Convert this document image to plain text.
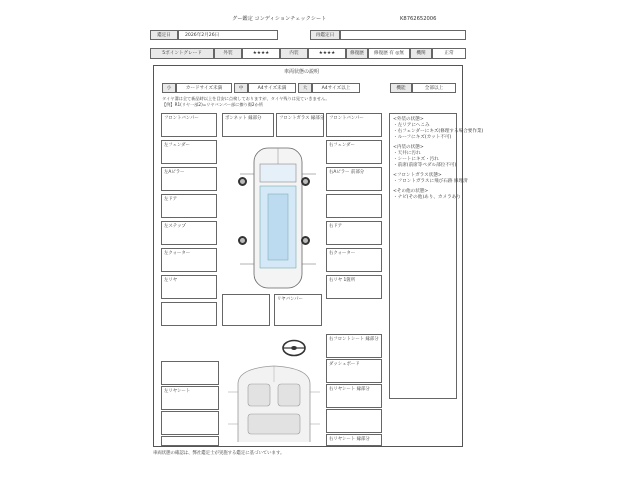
グー鑑定 コンディションチェックシート	K8762652006
鑑定日	2026年2月26日	再鑑定日
5ポイントグレード	外装	★★★★	内装	★★★★	修復歴	修復歴 有 ◎無	機関	正常
車両状態の説明
小	カードサイズ未満	中	A4サイズ未満	大	A4サイズ以上	機能	全部以上
タイヤ溝は全て新品時以上を目安に点検しておりますが、タイヤ残りは見ていきません。
【例】R1(リヤ一部2)=リヤバンパー部に擦り傷2か所
フロントバンパー
左フェンダー
左Aピラー
左ドア
左ステップ
左クォーター
左リヤ
ボンネット 縁部分	フロントガラス 縁部分 フロントバンパー
右フェンダー
右Aピラー 前部分
右ドア
右クォーター
右リヤ 1箇所
リヤバンパー
<外装の状態>
・左リアにへこみ
・右フェンダーにキズ(修理する場合要作業)
・ルーフにキズ(カット不可)
<内装の状態>
・天井に汚れ
・シートにキズ・汚れ
・前席(前席等ペダル部位不可)
<フロントガラス状態>
・フロントガラスに飛び石跡 修理済
<その他の状態>
・ナビ(その他)あり、カメラあり
左リヤシート
右フロントシート 縁部分
ダッシュボード
右リヤシート 縁部分
右リヤシート 縁部分
車両状態の確認は、弊社鑑定士が実施する鑑定に基づいています。
